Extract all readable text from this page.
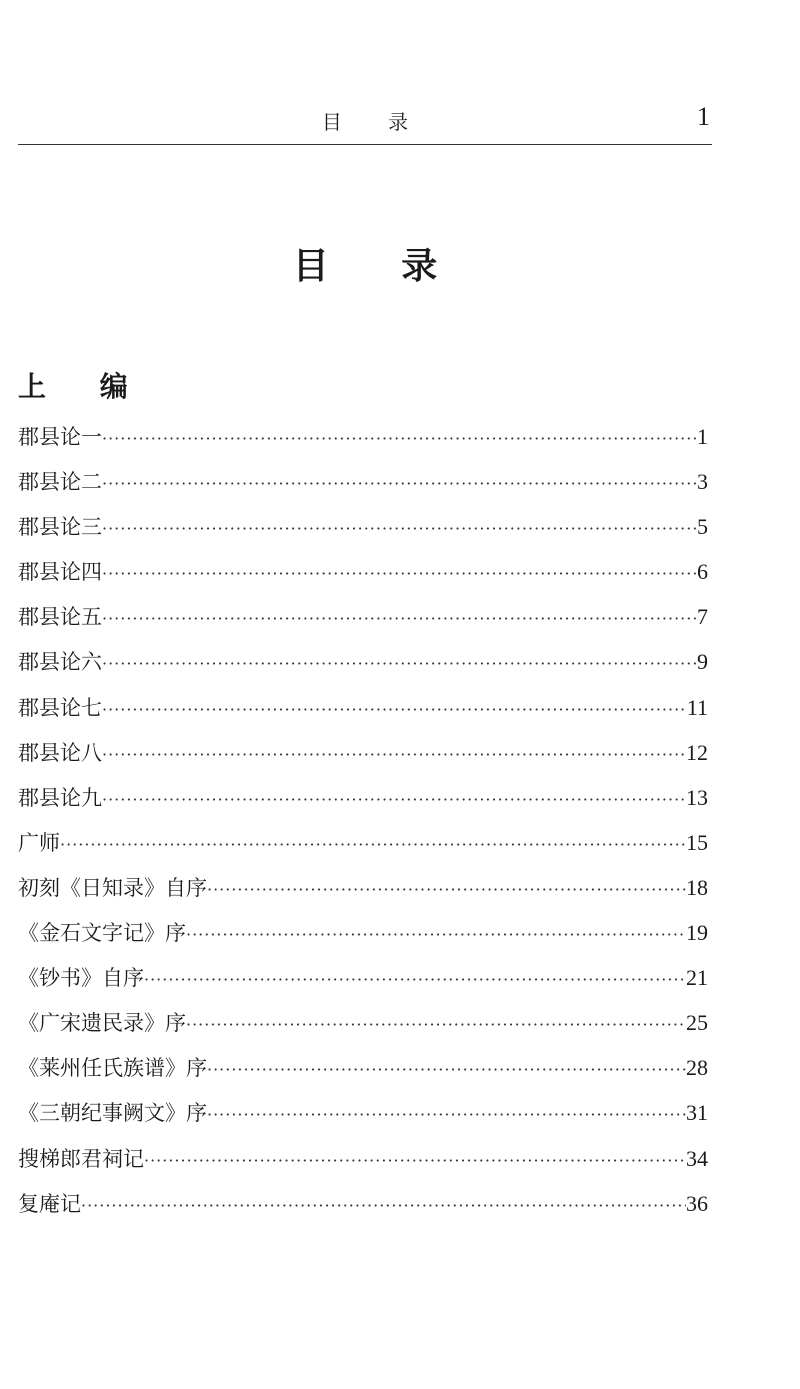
目 录	1
目 录
上 编
郡县论一 ·····	1
郡县论二 ·····	3
郡县论三 ·····	5
郡县论四 ·····	6
郡县论五 ·····	7
郡县论六 ·····	9
郡县论七 ·····	11
郡县论八 ·····	12
郡县论九 ·····	13
广师 ·····	15
初刻《日知录》自序 ·····	18
《金石文字记》序 ·····	19
《钞书》自序 ·····	21
《广宋遗民录》序 ·····	25
《莱州任氏族谱》序 ·····	28
《三朝纪事阙文》序 ·····	31
搜梯郎君祠记 ·····	34
复庵记 ·····	36
